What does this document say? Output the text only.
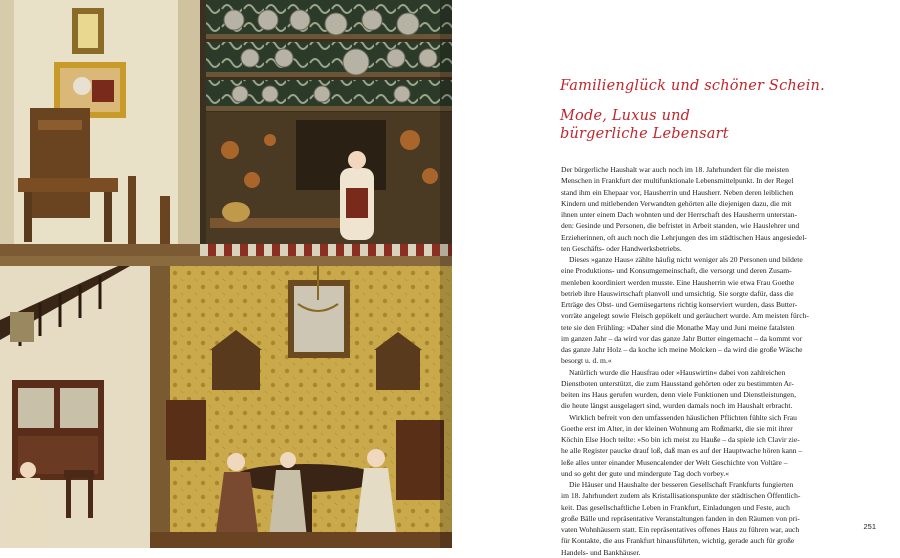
Familienglück und schöner Schein.
Mode, Luxus und
bürgerliche Lebensart
Der bürgerliche Haushalt war auch noch im 18. Jahrhundert für die meisten
Menschen in Frankfurt der multifunktionale Lebensmittelpunkt. In der Regel
stand ihm ein Ehepaar vor, Hausherrin und Hausherr. Neben deren leiblichen
Kindern und mitlebenden Verwandten gehörten alle diejenigen dazu, die mit
ihnen unter einem Dach wohnten und der Herrschaft des Hausherrn unterstan-
den: Gesinde und Personen, die befristet in Arbeit standen, wie Hauslehrer und
Erzieherinnen, oft auch noch die Lehrjungen des im städtischen Haus angesiedel-
ten Geschäfts- oder Handwerksbetriebs.
Dieses »ganze Haus« zählte häufig nicht weniger als 20 Personen und bildete
eine Produktions- und Konsumgemeinschaft, die versorgt und deren Zusam-
menleben koordiniert werden musste. Eine Hausherrin wie etwa Frau Goethe
betrieb ihre Hauswirtschaft planvoll und umsichtig. Sie sorgte dafür, dass die
Erträge des Obst- und Gemüsegartens richtig konserviert wurden, dass Butter-
vorräte angelegt sowie Fleisch gepökelt und geräuchert wurde. Am meisten fürch-
tete sie den Frühling: »Daher sind die Monathe May und Juni meine fatalsten
im ganzen Jahr – da wird vor das ganze Jahr Butter eingemacht – da kommt vor
das ganze Jahr Holz – da koche ich meine Molcken – da wird die große Wäsche
besorgt u. d. m.«
Natürlich wurde die Hausfrau oder »Hauswirtin« dabei von zahlreichen
Dienstboten unterstützt, die zum Hausstand gehörten oder zu bestimmten Ar-
beiten ins Haus gerufen wurden, denn viele Funktionen und Dienstleistungen,
die heute längst ausgelagert sind, wurden damals noch im Haushalt erbracht.
Wirklich befreit von den umfassenden häuslichen Pflichten fühlte sich Frau
Goethe erst im Alter, in der kleinen Wohnung am Roßmarkt, die sie mit ihrer
Köchin Else Hoch teilte: »So bin ich meist zu Hauße – da spiele ich Clavir zie-
he alle Register paucke drauf loß, daß man es auf der Hauptwache hören kann –
leße alles unter einander Musencalender der Welt Geschichte von Voltäre –
und so geht der gute und mindergute Tag doch vorbey.«
Die Häuser und Haushalte der besseren Gesellschaft Frankfurts fungierten
im 18. Jahrhundert zudem als Kristallisationspunkte der städtischen Öffentlich-
keit. Das gesellschaftliche Leben in Frankfurt, Einladungen und Feste, auch
große Bälle und repräsentative Veranstaltungen fanden in den Räumen von pri-
vaten Wohnhäusern statt. Ein repräsentatives offenes Haus zu führen war, auch
für Kontakte, die aus Frankfurt hinausführten, wichtig, gerade auch für große
Handels- und Bankhäuser.
251
